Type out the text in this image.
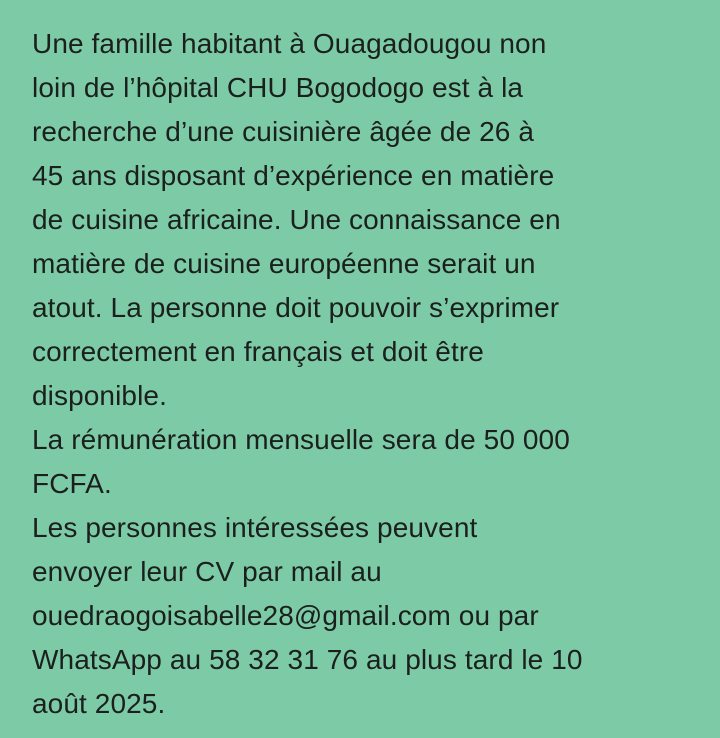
Une famille habitant à Ouagadougou non
loin de l’hôpital CHU Bogodogo est à la
recherche d’une cuisinière âgée de 26 à
45 ans disposant d’expérience en matière
de cuisine africaine. Une connaissance en
matière de cuisine européenne serait un
atout. La personne doit pouvoir s’exprimer
correctement en français et doit être
disponible.

La rémunération mensuelle sera de 50 000
FCFA.

Les personnes intéressées peuvent
envoyer leur CV par mail au
ouedraogoisabelle28@gmail.com ou par
WhatsApp au 58 32 31 76 au plus tard le 10
août 2025.
